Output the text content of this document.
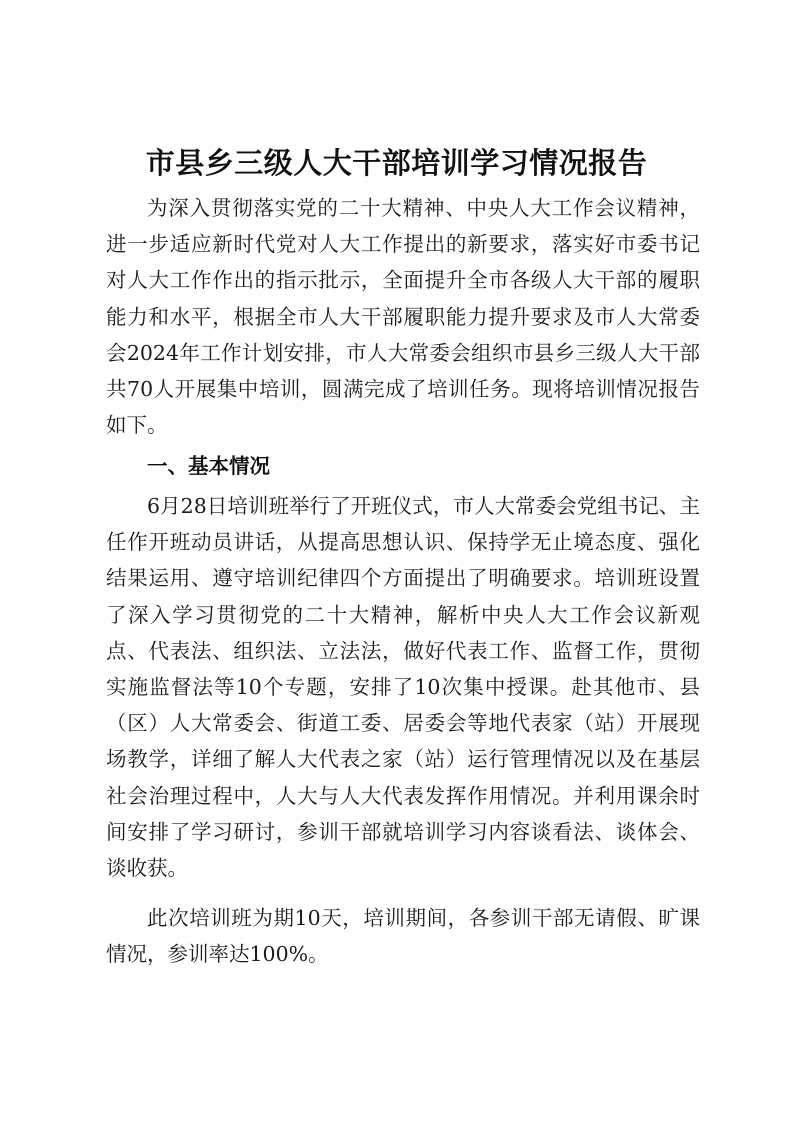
市县乡三级人大干部培训学习情况报告

为深入贯彻落实党的二十大精神、中央人大工作会议精神，进一步适应新时代党对人大工作提出的新要求，落实好市委书记对人大工作作出的指示批示，全面提升全市各级人大干部的履职能力和水平，根据全市人大干部履职能力提升要求及市人大常委会2024年工作计划安排，市人大常委会组织市县乡三级人大干部共70人开展集中培训，圆满完成了培训任务。现将培训情况报告如下。

一、基本情况

6月28日培训班举行了开班仪式，市人大常委会党组书记、主任作开班动员讲话，从提高思想认识、保持学无止境态度、强化结果运用、遵守培训纪律四个方面提出了明确要求。培训班设置了深入学习贯彻党的二十大精神，解析中央人大工作会议新观点、代表法、组织法、立法法，做好代表工作、监督工作，贯彻实施监督法等10个专题，安排了10次集中授课。赴其他市、县（区）人大常委会、街道工委、居委会等地代表家（站）开展现场教学，详细了解人大代表之家（站）运行管理情况以及在基层社会治理过程中，人大与人大代表发挥作用情况。并利用课余时间安排了学习研讨，参训干部就培训学习内容谈看法、谈体会、谈收获。

此次培训班为期10天，培训期间，各参训干部无请假、旷课情况，参训率达100%。
